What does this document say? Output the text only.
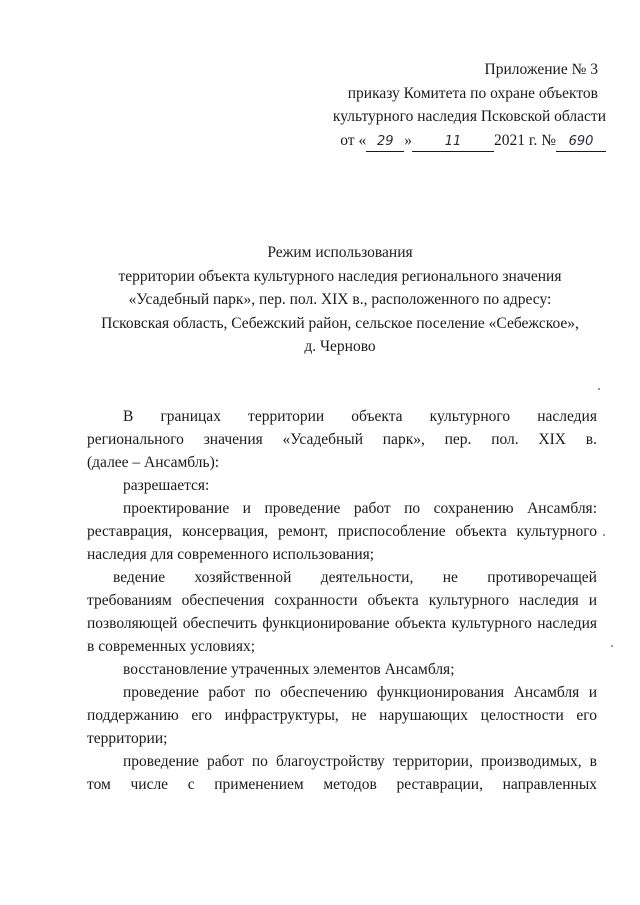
Приложение № 3
приказу Комитета по охране объектов
культурного наследия Псковской области
от « 29 »	11 2021 г. № 690
Режим использования
территории объекта культурного наследия регионального значения
«Усадебный парк», пер. пол. XIX в., расположенного по адресу:
Псковская область, Себежский район, сельское поселение «Себежское»,
д. Черново
В границах территории объекта культурного наследия
регионального значения «Усадебный парк», пер. пол. XIX в.

(далее – Ансамбль):

разрешается:

проектирование и проведение работ по сохранению Ансамбля: реставрация, консервация, ремонт, приспособление объекта культурного наследия для современного использования;

ведение хозяйственной деятельности, не противоречащей

требованиям обеспечения сохранности объекта культурного наследия и позволяющей обеспечить функционирование объекта культурного наследия в современных условиях;

восстановление утраченных элементов Ансамбля;

проведение работ по обеспечению функционирования Ансамбля и поддержанию его инфраструктуры, не нарушающих целостности его территории;

проведение работ по благоустройству территории, производимых, в том числе с применением методов реставрации, направленных
